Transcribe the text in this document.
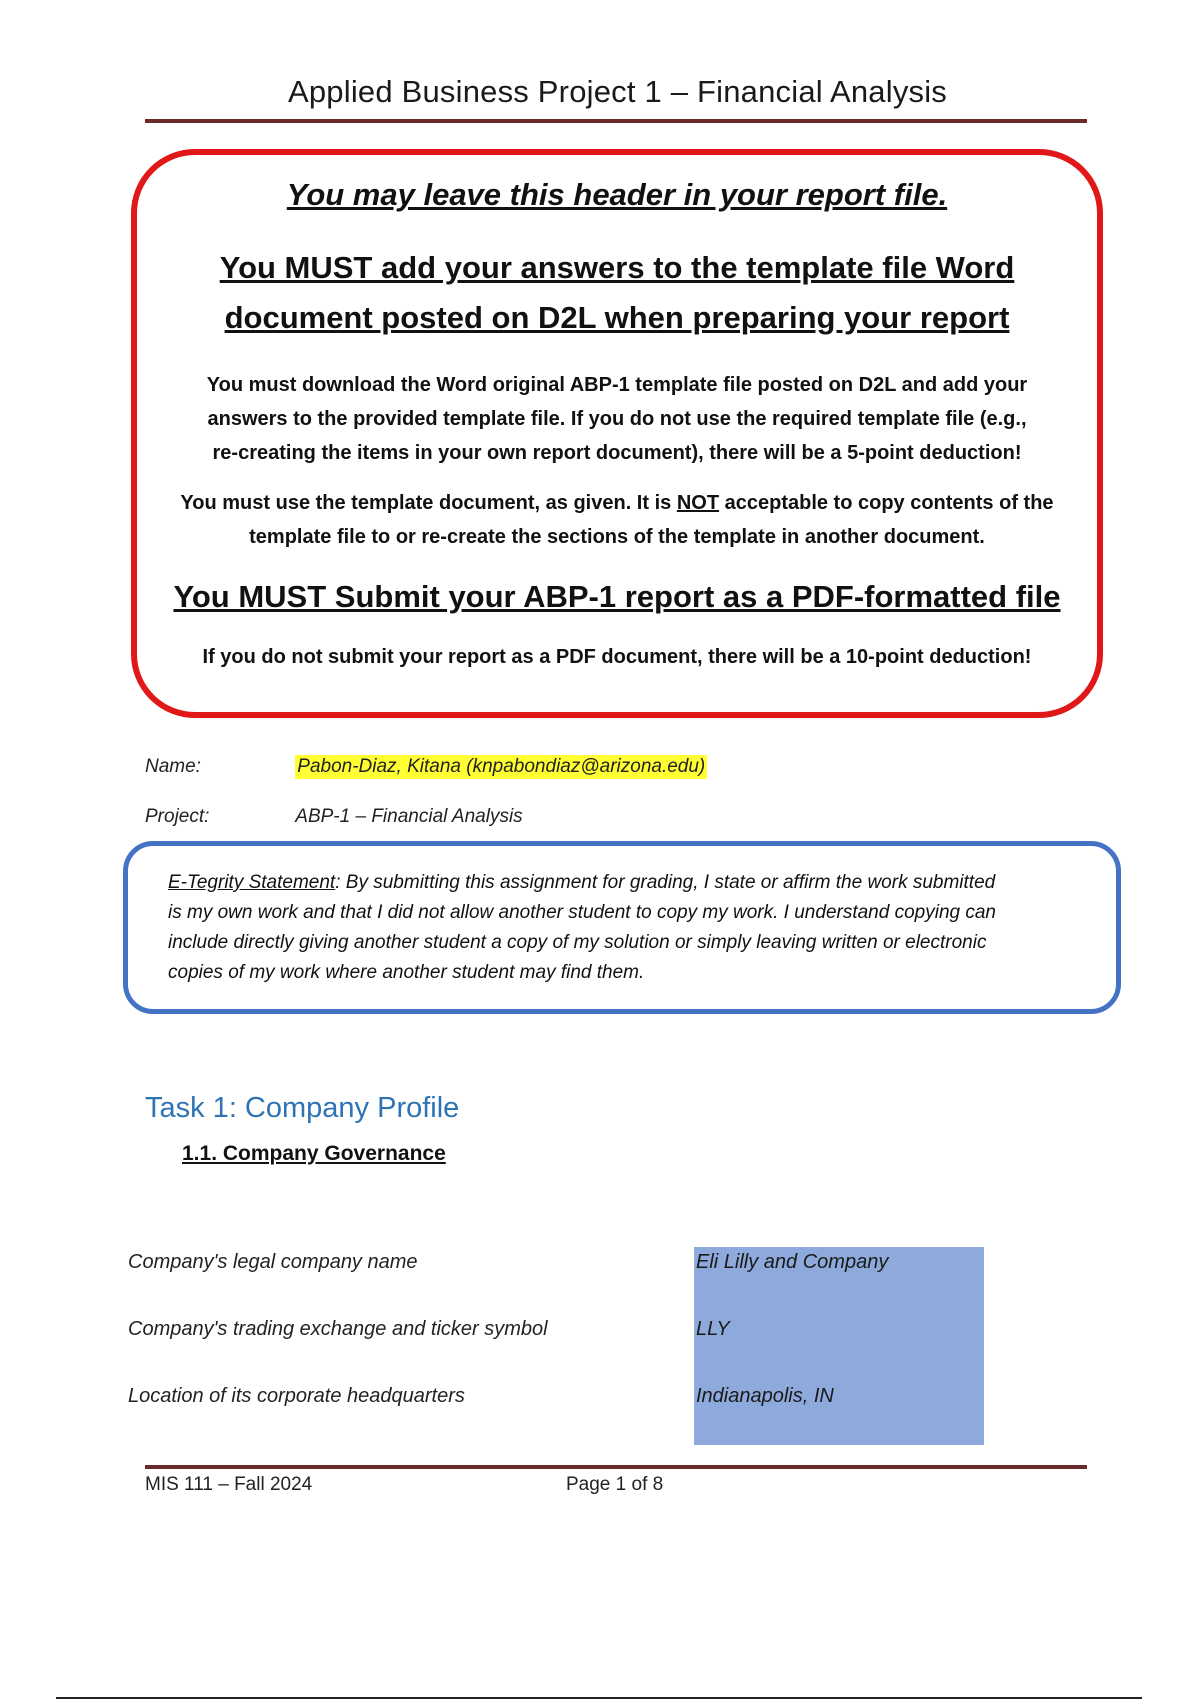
Applied Business Project 1 – Financial Analysis
You may leave this header in your report file.
You MUST add your answers to the template file Word
document posted on D2L when preparing your report
You must download the Word original ABP-1 template file posted on D2L and add your
answers to the provided template file. If you do not use the required template file (e.g.,
re-creating the items in your own report document), there will be a 5-point deduction!
You must use the template document, as given. It is NOT acceptable to copy contents of the
template file to or re-create the sections of the template in another document.
You MUST Submit your ABP-1 report as a PDF-formatted file
If you do not submit your report as a PDF document, there will be a 10-point deduction!
Name:	Pabon-Diaz, Kitana (knpabondiaz@arizona.edu)
Project:	ABP-1 – Financial Analysis
E-Tegrity Statement: By submitting this assignment for grading, I state or affirm the work submitted
is my own work and that I did not allow another student to copy my work. I understand copying can
include directly giving another student a copy of my solution or simply leaving written or electronic
copies of my work where another student may find them.
Task 1: Company Profile
1.1. Company Governance
Company's legal company name	Eli Lilly and Company
Company's trading exchange and ticker symbol	LLY
Location of its corporate headquarters	Indianapolis, IN
MIS 111 – Fall 2024	Page 1 of 8
